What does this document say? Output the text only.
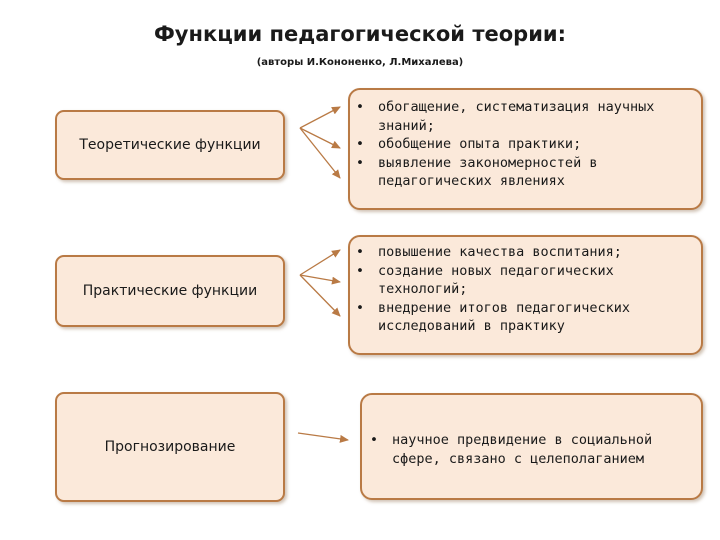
Функции педагогической теории:
(авторы И.Кононенко, Л.Михалева)
Теоретические функции
• обогащение, систематизация научных знаний;
• обобщение опыта практики;
• выявление закономерностей в педагогических явлениях
Практические функции
• повышение качества воспитания;
• создание новых педагогических технологий;
• внедрение итогов педагогических исследований в практику
Прогнозирование
•	научное предвидение в социальной сфере, связано с целеполаганием
